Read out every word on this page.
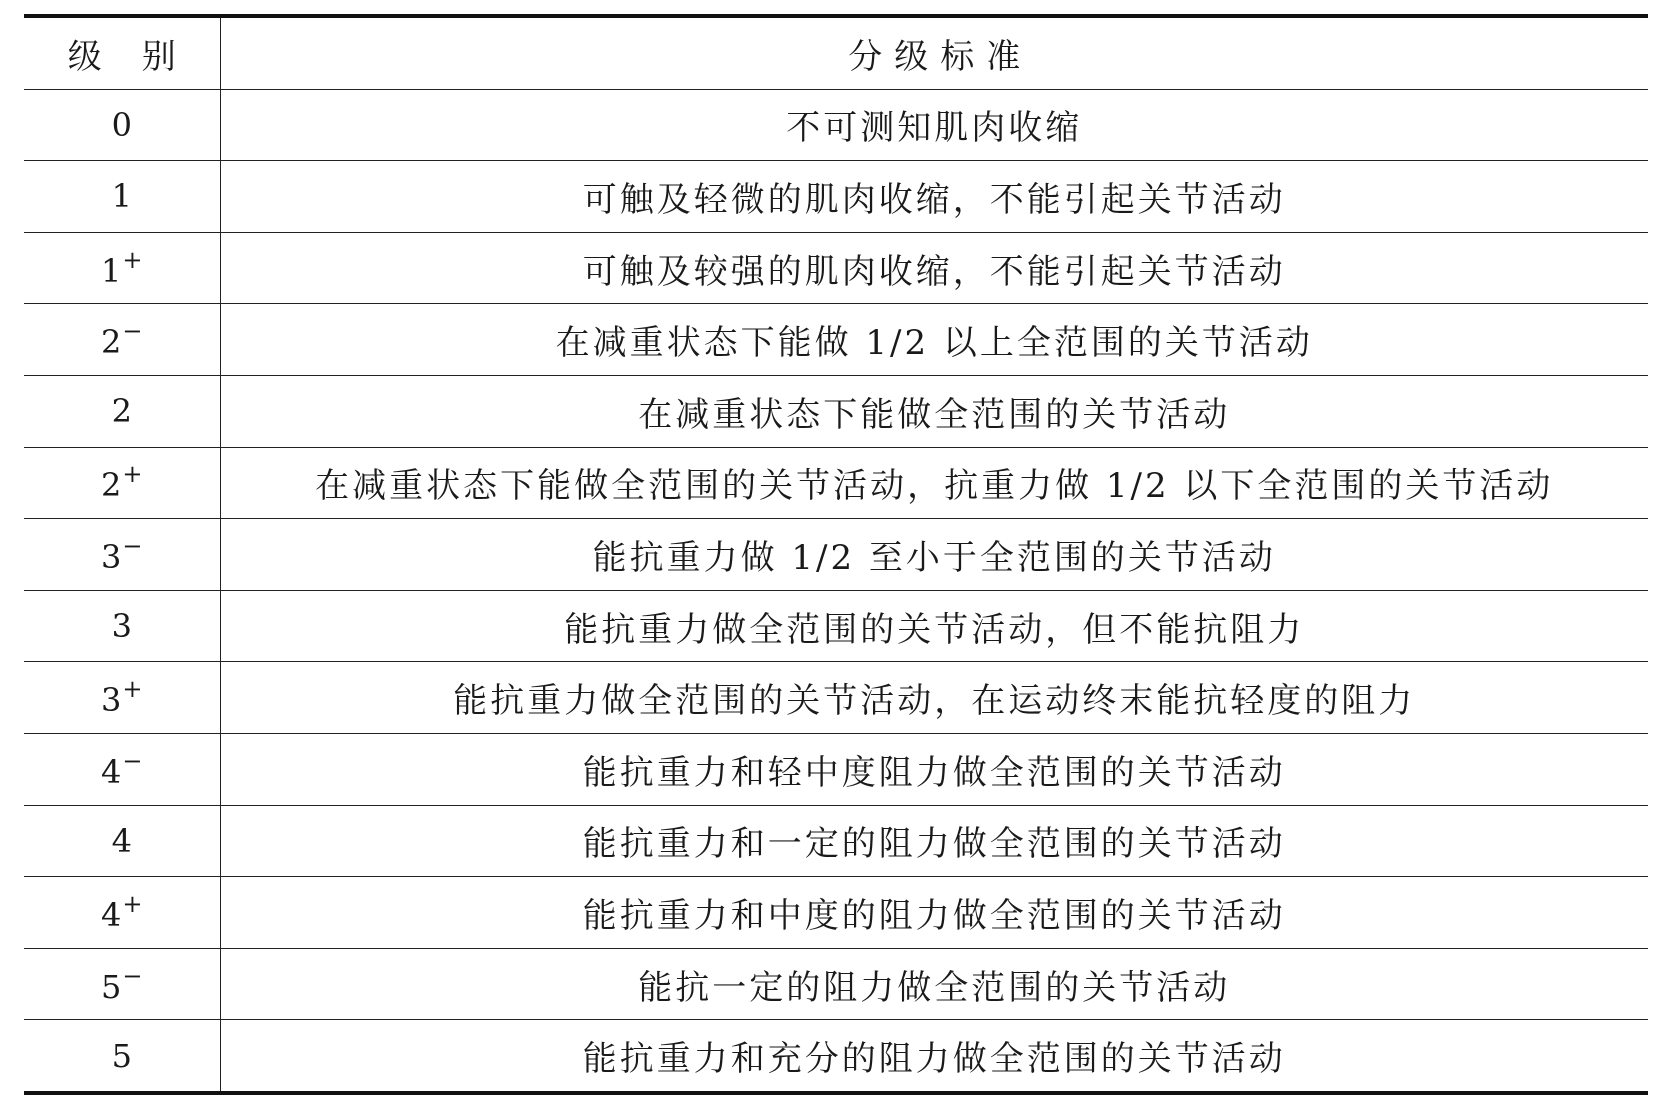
级别	分级标准
0	不可测知肌肉收缩
1	可触及轻微的肌肉收缩，不能引起关节活动
1+	可触及较强的肌肉收缩，不能引起关节活动
2−	在减重状态下能做 1/2 以上全范围的关节活动
2	在减重状态下能做全范围的关节活动
2+	在减重状态下能做全范围的关节活动，抗重力做 1/2 以下全范围的关节活动
3−	能抗重力做 1/2 至小于全范围的关节活动
3	能抗重力做全范围的关节活动，但不能抗阻力
3+	能抗重力做全范围的关节活动，在运动终末能抗轻度的阻力
4−	能抗重力和轻中度阻力做全范围的关节活动
4	能抗重力和一定的阻力做全范围的关节活动
4+	能抗重力和中度的阻力做全范围的关节活动
5−	能抗一定的阻力做全范围的关节活动
5	能抗重力和充分的阻力做全范围的关节活动
